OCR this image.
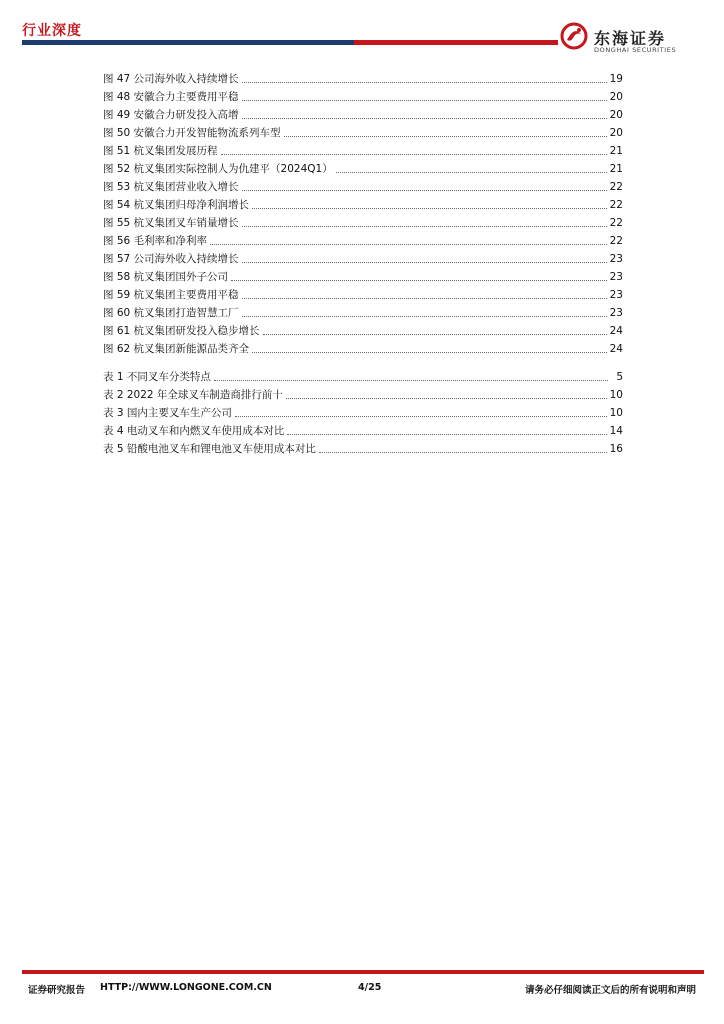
行业深度	东海证券
DONGHAI SECURITIES
图 47 公司海外收入持续增长	19
图 48 安徽合力主要费用平稳	20
图 49 安徽合力研发投入高增	20
图 50 安徽合力开发智能物流系列车型	20
图 51 杭叉集团发展历程	21
图 52 杭叉集团实际控制人为仇建平（2024Q1）	21
图 53 杭叉集团营业收入增长	22
图 54 杭叉集团归母净利润增长	22
图 55 杭叉集团叉车销量增长	22
图 56 毛利率和净利率	22
图 57 公司海外收入持续增长	23
图 58 杭叉集团国外子公司	23
图 59 杭叉集团主要费用平稳	23
图 60 杭叉集团打造智慧工厂	23
图 61 杭叉集团研发投入稳步增长	24
图 62 杭叉集团新能源品类齐全	24
表 1 不同叉车分类特点	5
表 2 2022 年全球叉车制造商排行前十	10
表 3 国内主要叉车生产公司	10
表 4 电动叉车和内燃叉车使用成本对比	14
表 5 铅酸电池叉车和锂电池叉车使用成本对比	16
证券研究报告 HTTP://WWW.LONGONE.COM.CN	4/25	请务必仔细阅读正文后的所有说明和声明
